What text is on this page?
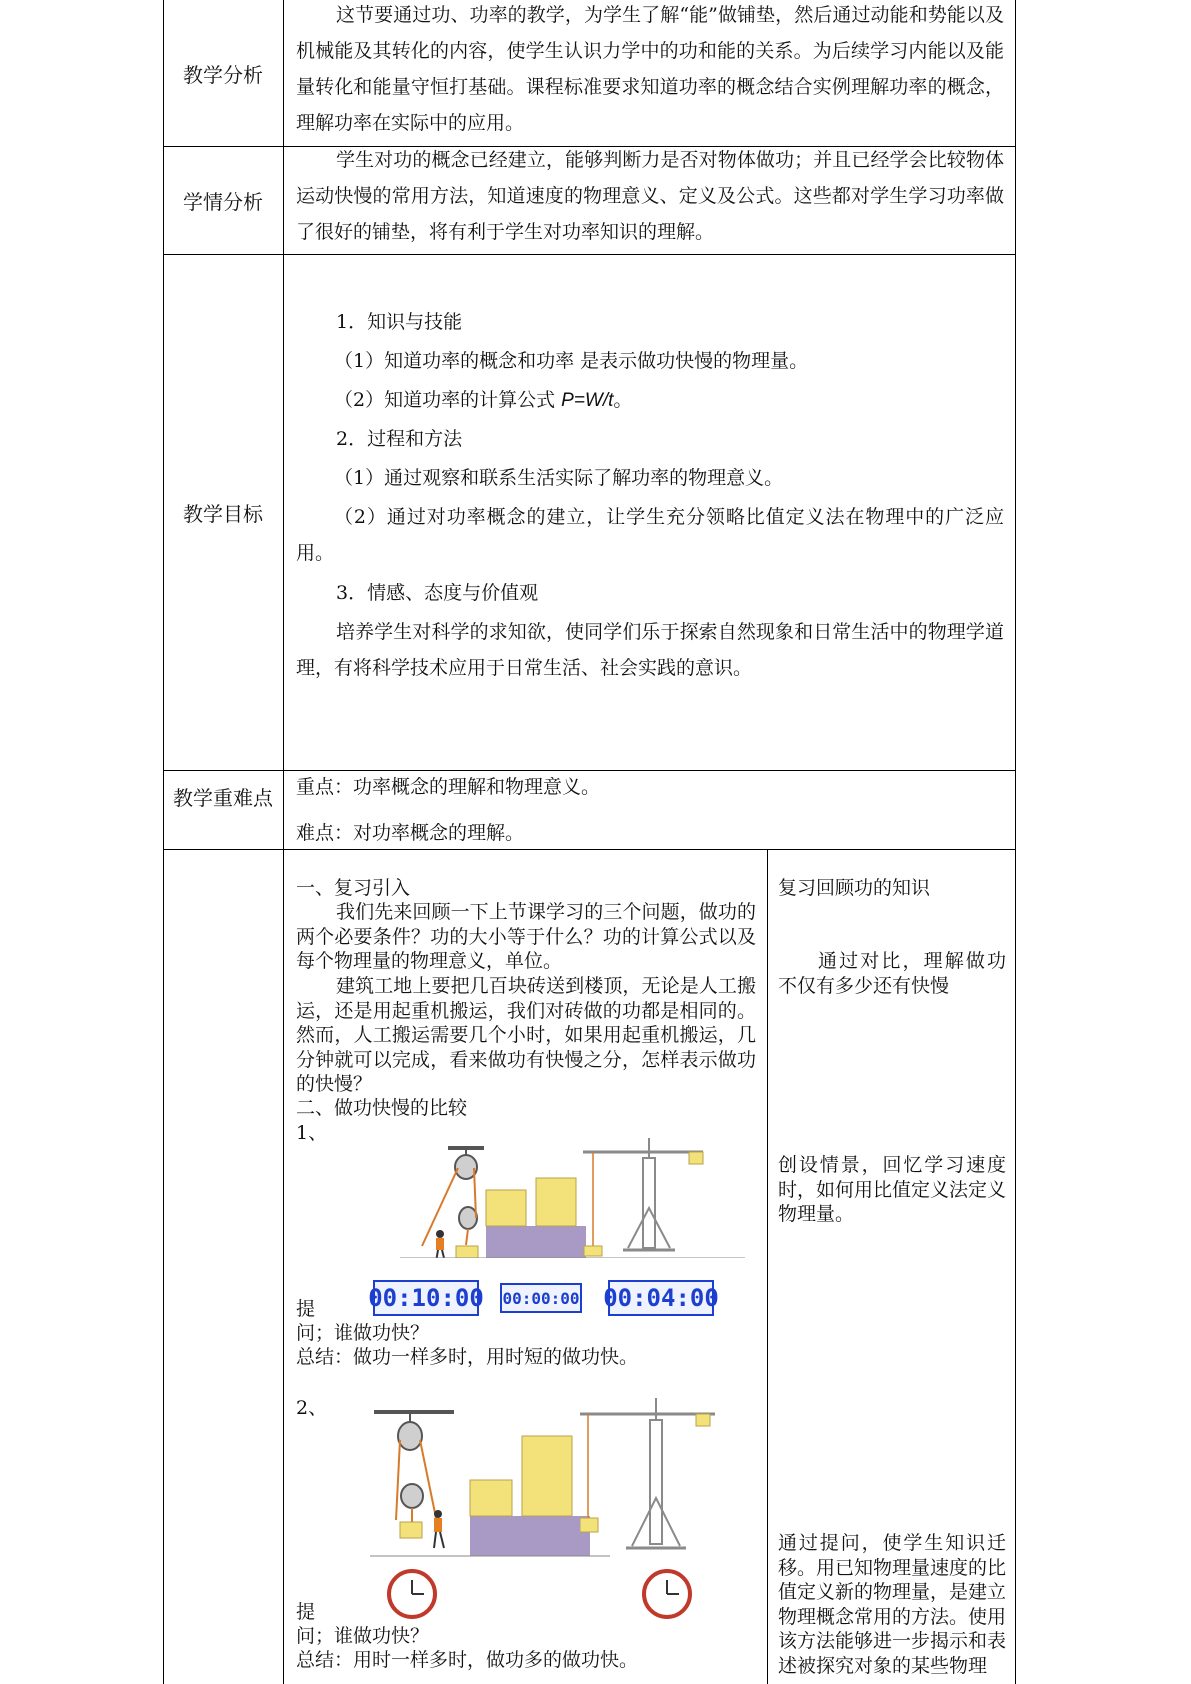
教学分析

这节要通过功、功率的教学，为学生了解“能”做铺垫，然后通过动能和势能以及机械能及其转化的内容，使学生认识力学中的功和能的关系。为后续学习内能以及能量转化和能量守恒打基础。课程标准要求知道功率的概念结合实例理解功率的概念，理解功率在实际中的应用。

学情分析

学生对功的概念已经建立，能够判断力是否对物体做功；并且已经学会比较物体运动快慢的常用方法，知道速度的物理意义、定义及公式。这些都对学生学习功率做了很好的铺垫，将有利于学生对功率知识的理解。

教学目标

1．知识与技能

（1）知道功率的概念和功率 是表示做功快慢的物理量。

（2）知道功率的计算公式 P=W/t。

2．过程和方法

（1）通过观察和联系生活实际了解功率的物理意义。

（2）通过对功率概念的建立，让学生充分领略比值定义法在物理中的广泛应用。

3．情感、态度与价值观

培养学生对科学的求知欲，使同学们乐于探索自然现象和日常生活中的物理学道理，有将科学技术应用于日常生活、社会实践的意识。

教学重难点	重点：功率概念的理解和物理意义。

难点：对功率概念的理解。

一、复习引入

我们先来回顾一下上节课学习的三个问题，做功的两个必要条件？功的大小等于什么？功的计算公式以及每个物理量的物理意义，单位。

建筑工地上要把几百块砖送到楼顶，无论是人工搬运，还是用起重机搬运，我们对砖做的功都是相同的。然而，人工搬运需要几个小时，如果用起重机搬运，几分钟就可以完成，看来做功有快慢之分，怎样表示做功的快慢？

二、做功快慢的比较

1、

00:10:00 00:00:00 00:04:00

提

问；谁做功快？

总结：做功一样多时，用时短的做功快。

2、

提

问；谁做功快？

总结：用时一样多时，做功多的做功快。

复习回顾功的知识

通过对比，理解做功不仅有多少还有快慢

创设情景，回忆学习速度时，如何用比值定义法定义物理量。

通过提问，使学生知识迁移。用已知物理量速度的比值定义新的物理量，是建立物理概念常用的方法。使用该方法能够进一步揭示和表述被探究对象的某些物理
